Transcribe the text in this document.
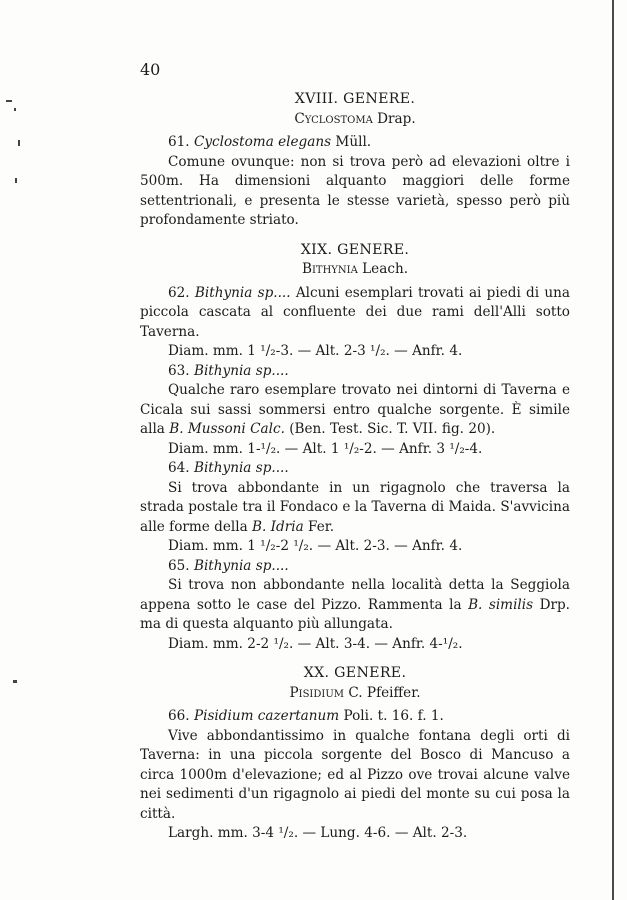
40
XVIII. GENERE.
Cyclostoma Drap.

61. Cyclostoma elegans Müll.

Comune ovunque: non si trova però ad elevazioni oltre i 500m. Ha dimensioni alquanto maggiori delle forme settentrionali, e presenta le stesse varietà, spesso però più profondamente striato.

XIX. GENERE.
Bithynia Leach.

62. Bithynia sp.... Alcuni esemplari trovati ai piedi di una piccola cascata al confluente dei due rami dell'Alli sotto Taverna.

Diam. mm. 1 ¹/₂-3. — Alt. 2-3 ¹/₂. — Anfr. 4.

63. Bithynia sp....

Qualche raro esemplare trovato nei dintorni di Taverna e Cicala sui sassi sommersi entro qualche sorgente. È simile alla B. Mussoni Calc. (Ben. Test. Sic. T. VII. fig. 20).

Diam. mm. 1-¹/₂. — Alt. 1 ¹/₂-2. — Anfr. 3 ¹/₂-4.

64. Bithynia sp....

Si trova abbondante in un rigagnolo che traversa la strada postale tra il Fondaco e la Taverna di Maida. S'avvicina alle forme della B. Idria Fer.

Diam. mm. 1 ¹/₂-2 ¹/₂. — Alt. 2-3. — Anfr. 4.

65. Bithynia sp....

Si trova non abbondante nella località detta la Seggiola appena sotto le case del Pizzo. Rammenta la B. similis Drp. ma di questa alquanto più allungata.

Diam. mm. 2-2 ¹/₂. — Alt. 3-4. — Anfr. 4-¹/₂.

XX. GENERE.
Pisidium C. Pfeiffer.

66. Pisidium cazertanum Poli. t. 16. f. 1.

Vive abbondantissimo in qualche fontana degli orti di Taverna: in una piccola sorgente del Bosco di Mancuso a circa 1000m d'elevazione; ed al Pizzo ove trovai alcune valve nei sedimenti d'un rigagnolo ai piedi del monte su cui posa la città.

Largh. mm. 3-4 ¹/₂. — Lung. 4-6. — Alt. 2-3.
